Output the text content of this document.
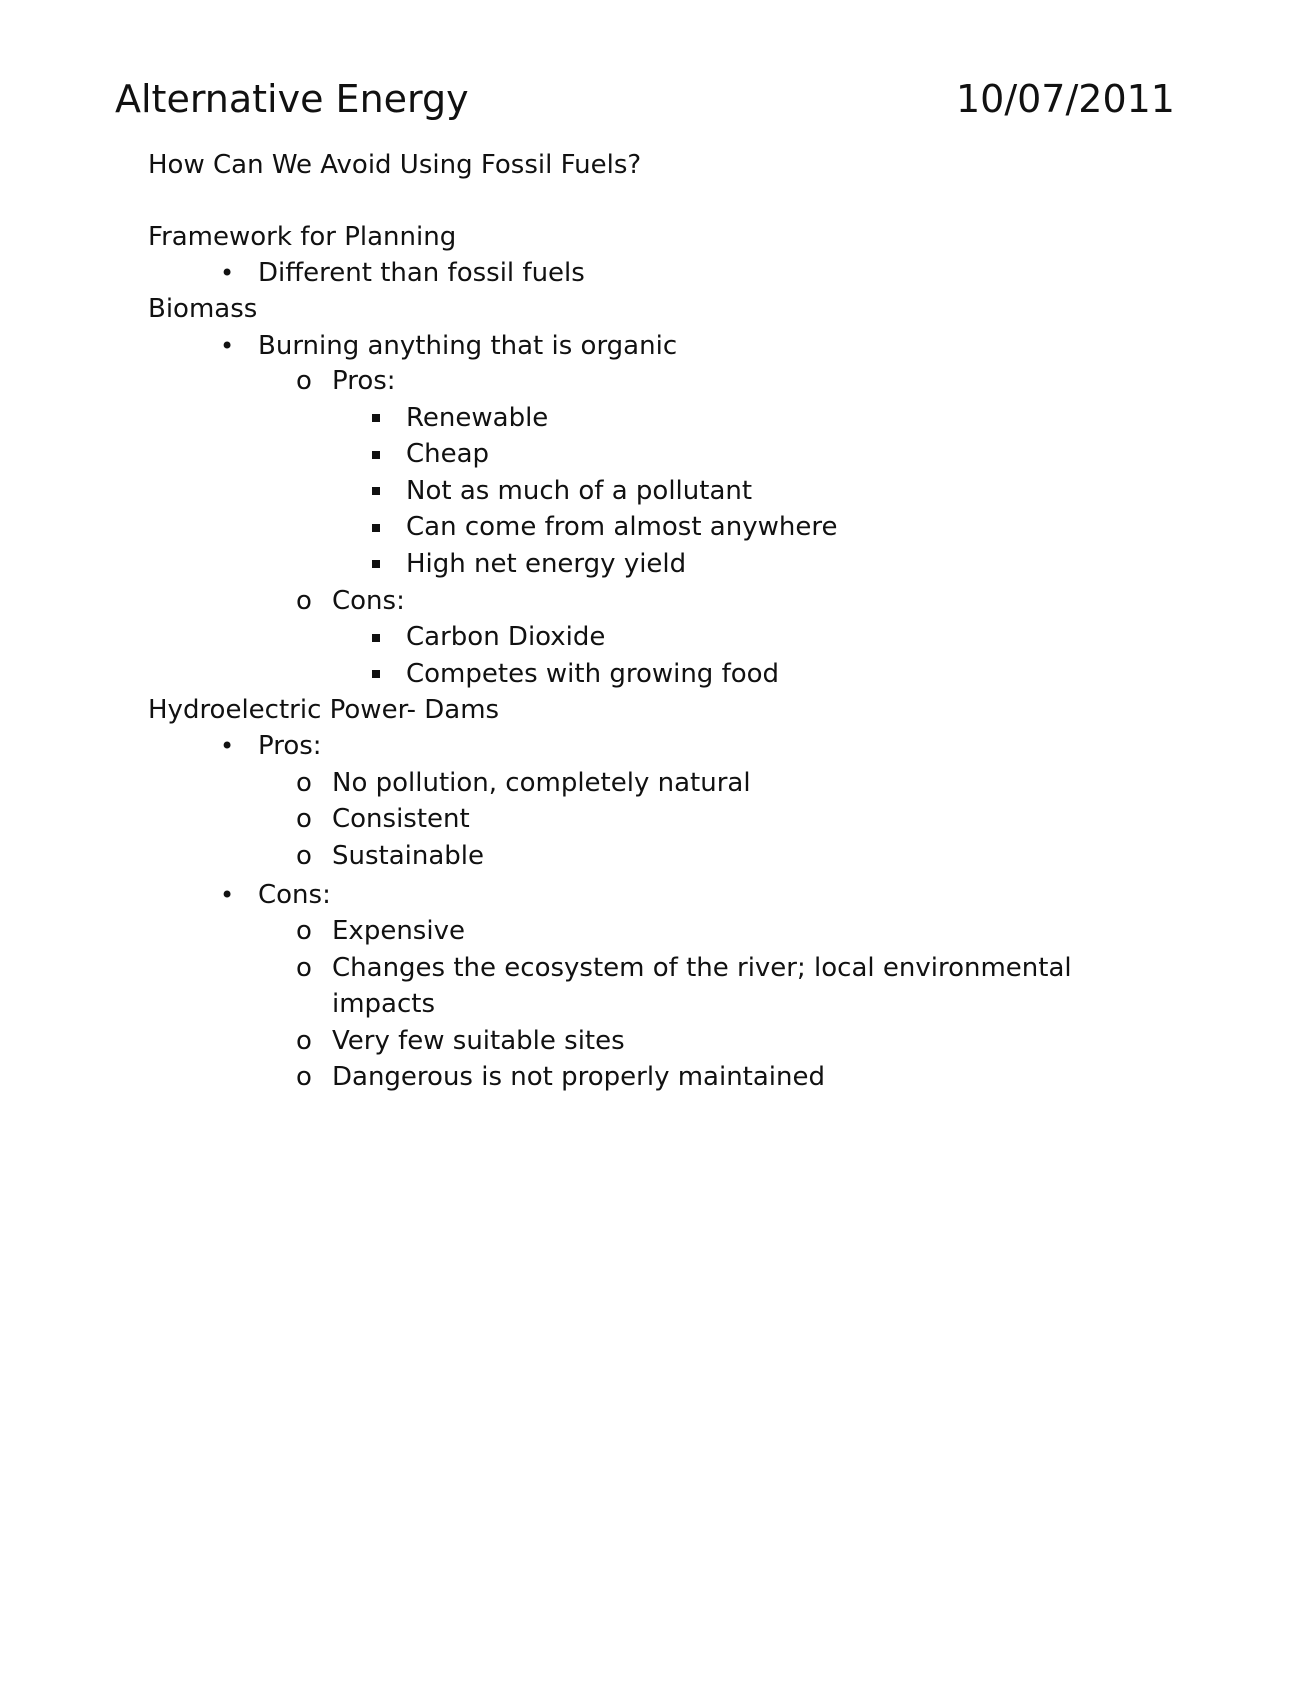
Alternative Energy	10/07/2011
How Can We Avoid Using Fossil Fuels?
Framework for Planning
• Different than fossil fuels
Biomass
• Burning anything that is organic
o Pros:
Renewable
Cheap
Not as much of a pollutant
Can come from almost anywhere
High net energy yield
o Cons:
Carbon Dioxide
Competes with growing food
Hydroelectric Power- Dams
• Pros:
o No pollution, completely natural
o Consistent
o Sustainable
• Cons:
o Expensive
o Changes the ecosystem of the river; local environmental
impacts
o Very few suitable sites
o Dangerous is not properly maintained
